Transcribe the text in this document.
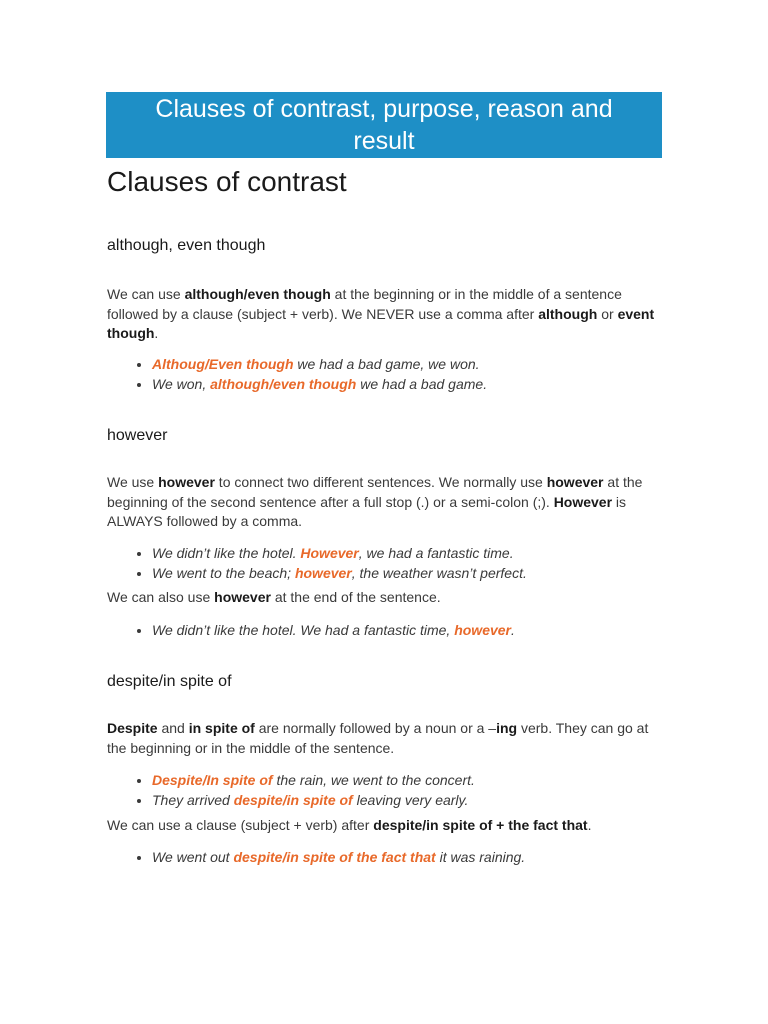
Clauses of contrast, purpose, reason and result
Clauses of contrast
although, even though

We can use although/even though at the beginning or in the middle of a sentence followed by a clause (subject + verb). We NEVER use a comma after although or event though.

• Althoug/Even though we had a bad game, we won.
• We won, although/even though we had a bad game.
however

We use however to connect two different sentences. We normally use however at the beginning of the second sentence after a full stop (.) or a semi-colon (;). However is ALWAYS followed by a comma.

• We didn’t like the hotel. However, we had a fantastic time.
• We went to the beach; however, the weather wasn’t perfect.

We can also use however at the end of the sentence.

• We didn’t like the hotel. We had a fantastic time, however.
despite/in spite of

Despite and in spite of are normally followed by a noun or a –ing verb. They can go at the beginning or in the middle of the sentence.

• Despite/In spite of the rain, we went to the concert.
• They arrived despite/in spite of leaving very early.

We can use a clause (subject + verb) after despite/in spite of + the fact that.

• We went out despite/in spite of the fact that it was raining.
